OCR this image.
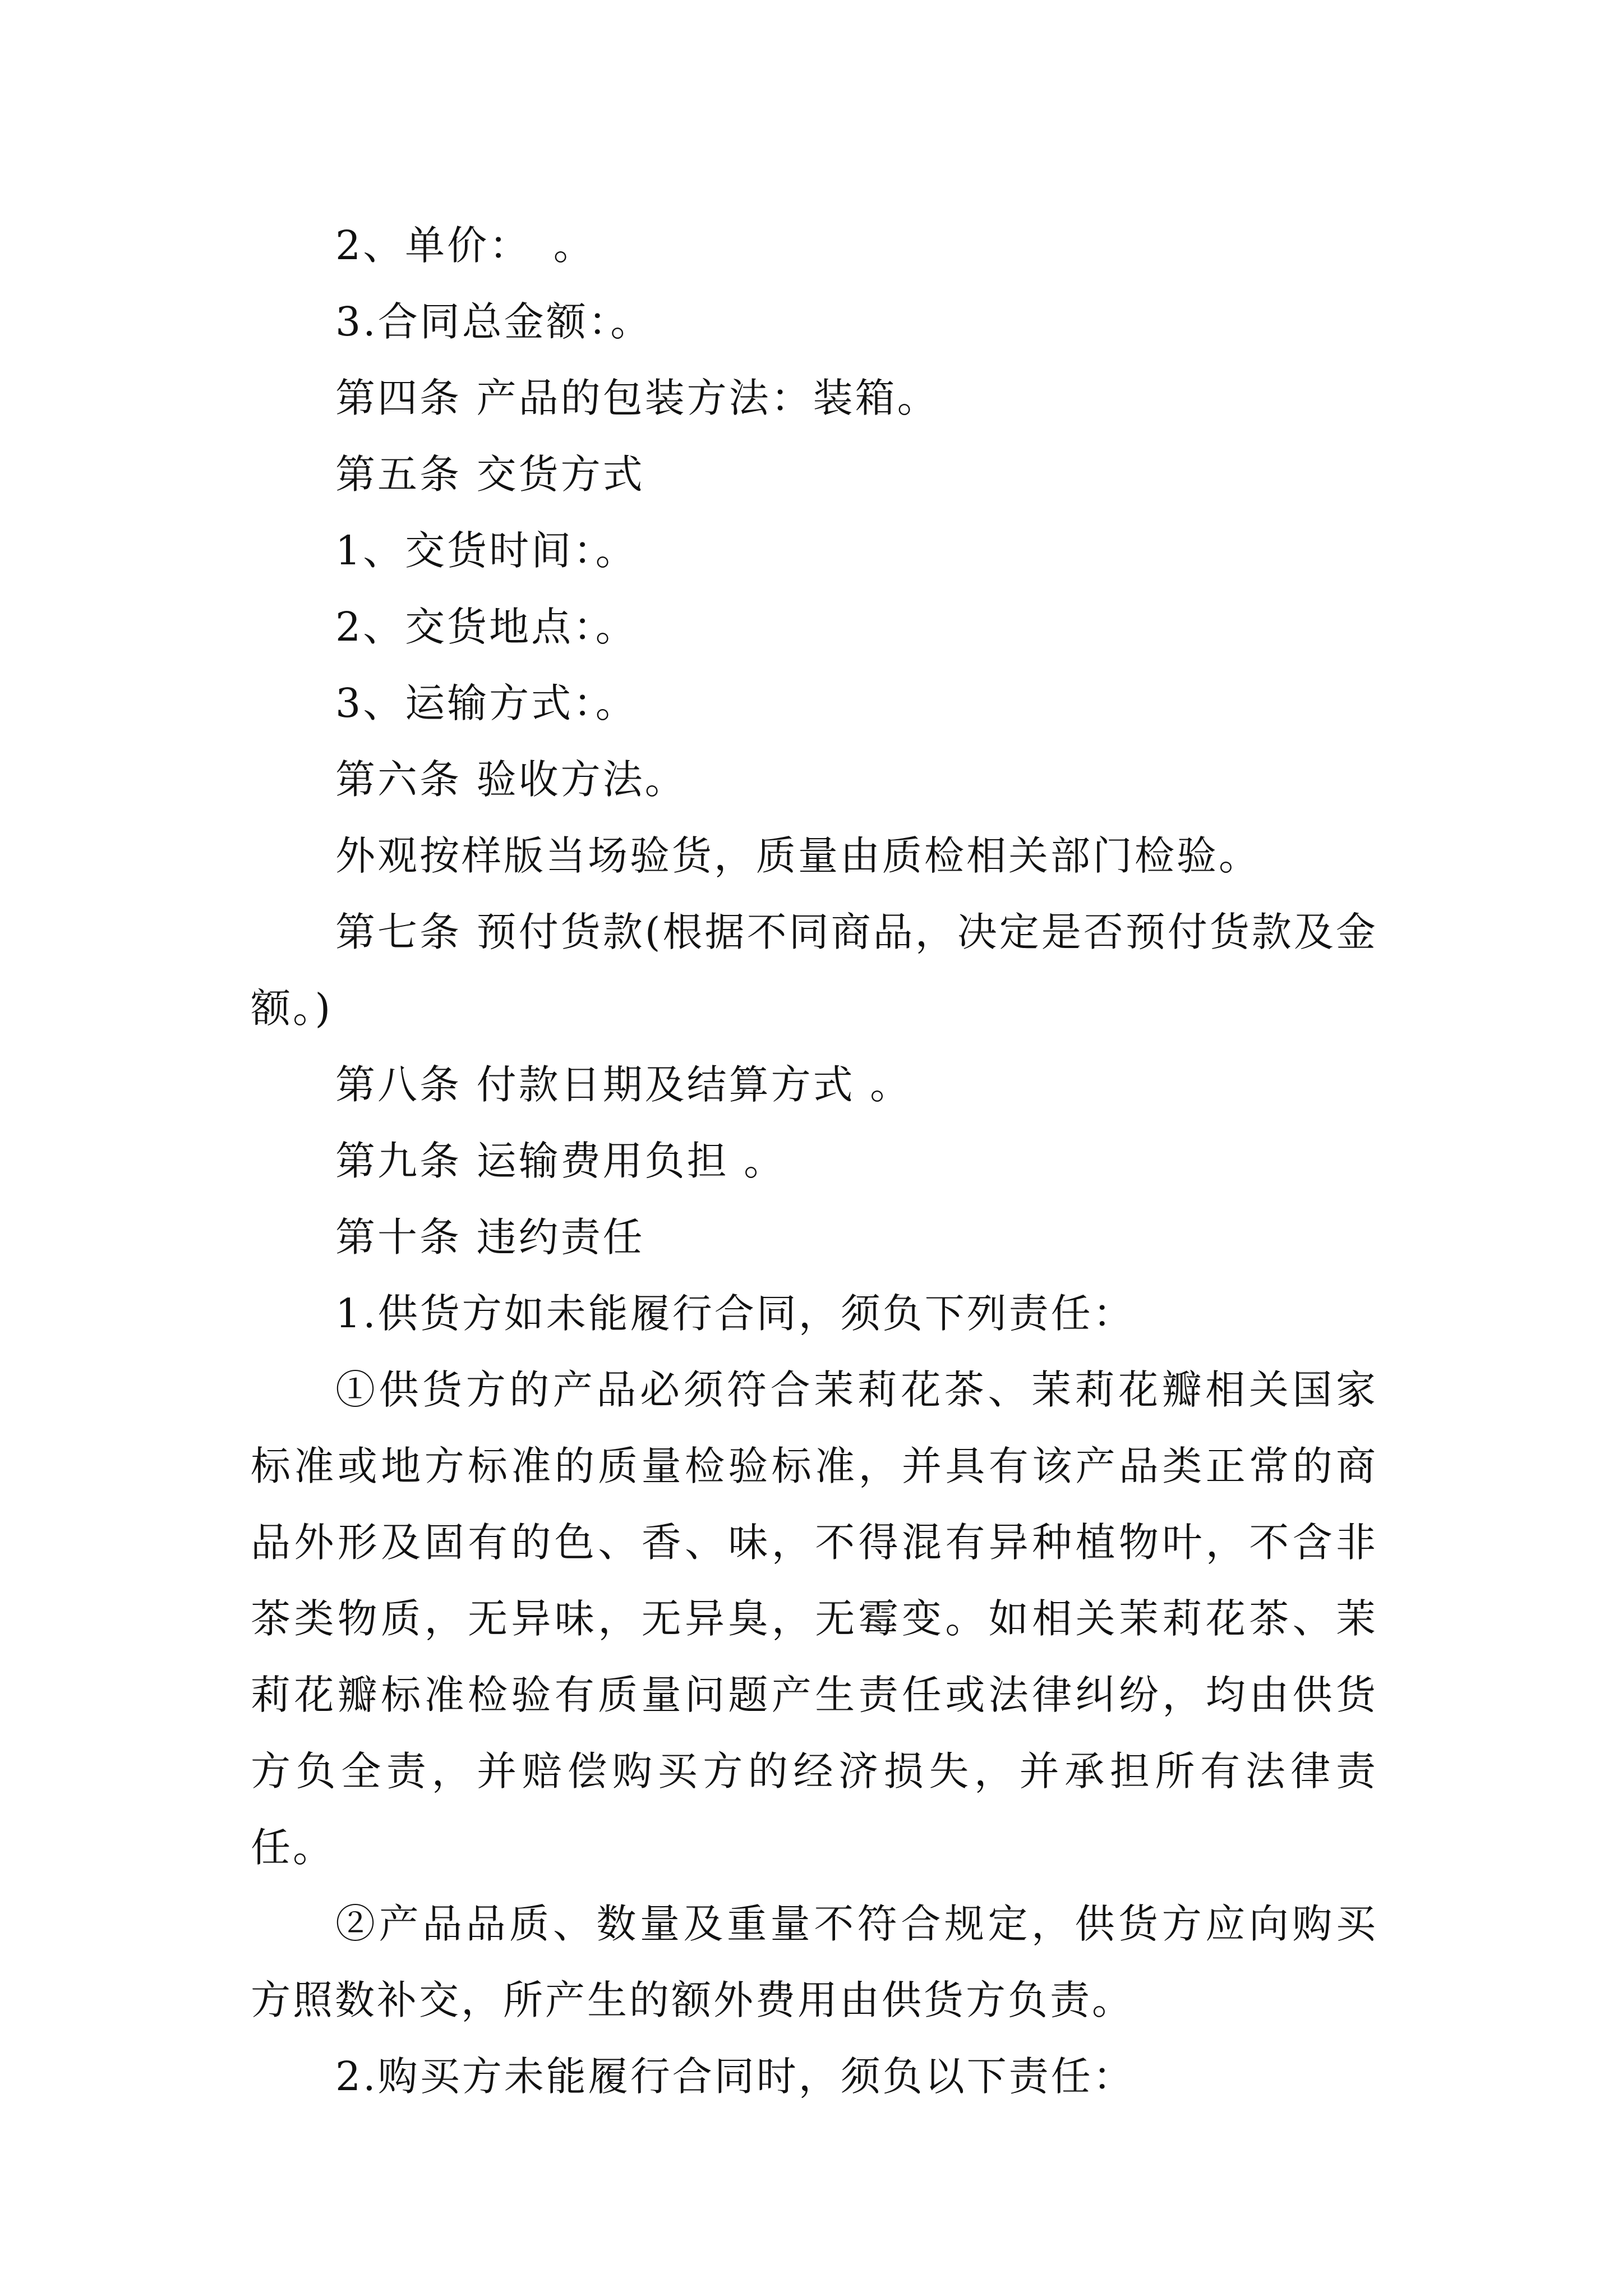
2、单价：　。

3.合同总金额：。

第四条 产品的包装方法：装箱。

第五条 交货方式

1、交货时间：。

2、交货地点：。

3、运输方式：。

第六条 验收方法。

外观按样版当场验货，质量由质检相关部门检验。

第七条 预付货款(根据不同商品，决定是否预付货款及金额。)

第八条 付款日期及结算方式 。

第九条 运输费用负担 。

第十条 违约责任

1.供货方如未能履行合同，须负下列责任：

①供货方的产品必须符合茉莉花茶、茉莉花瓣相关国家标准或地方标准的质量检验标准，并具有该产品类正常的商品外形及固有的色、香、味，不得混有异种植物叶，不含非茶类物质，无异味，无异臭，无霉变。如相关茉莉花茶、茉莉花瓣标准检验有质量问题产生责任或法律纠纷，均由供货方负全责，并赔偿购买方的经济损失，并承担所有法律责任。

②产品品质、数量及重量不符合规定，供货方应向购买方照数补交，所产生的额外费用由供货方负责。

2.购买方未能履行合同时，须负以下责任：
